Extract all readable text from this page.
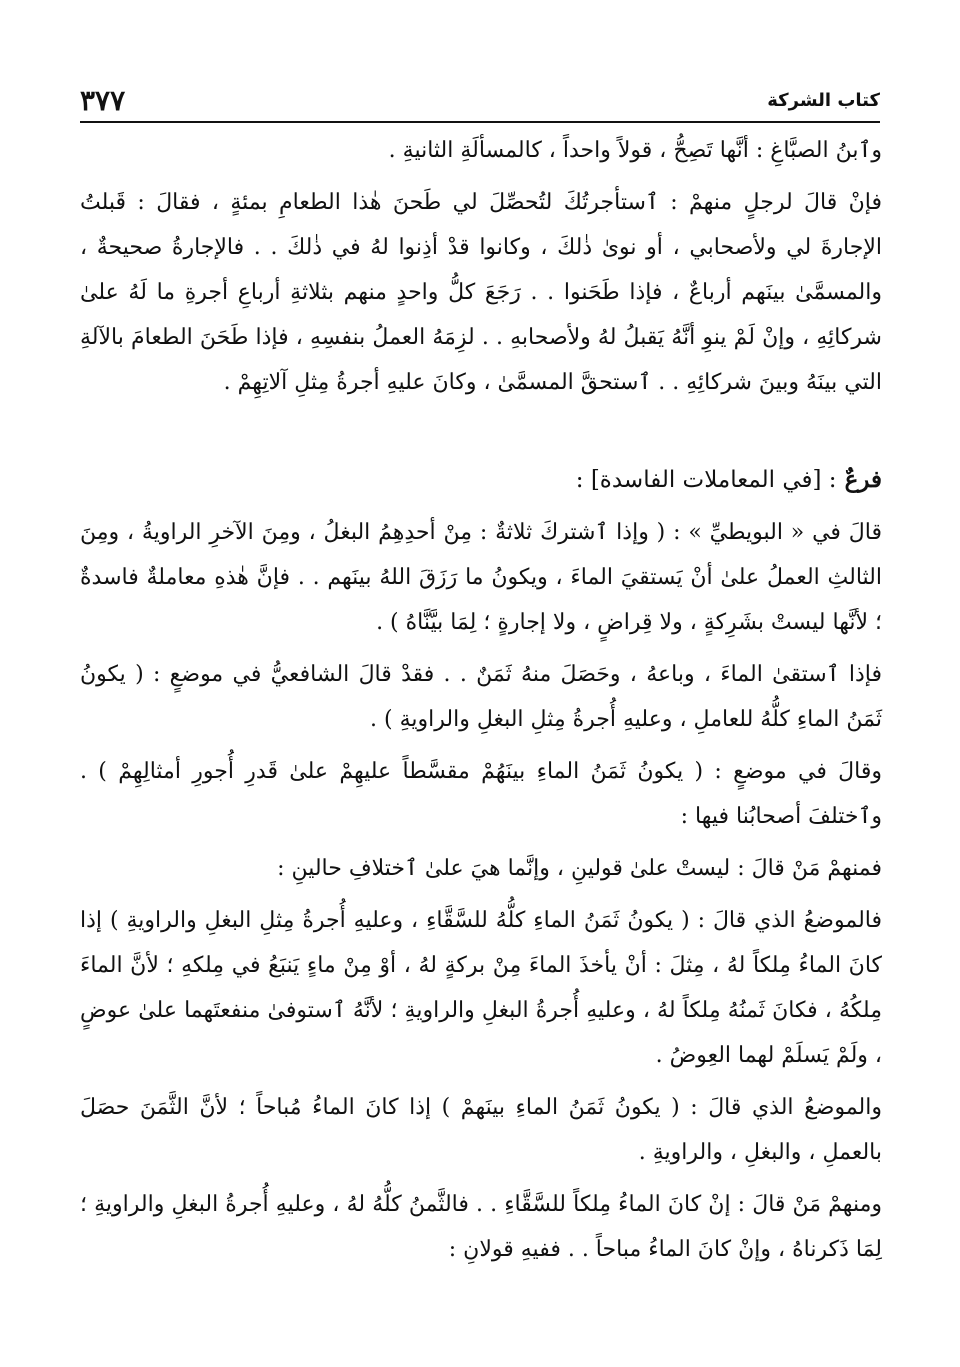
٣٧٧	كتاب الشركة

وٱبنُ الصبَّاغِ : أنَّها تَصِحُّ ، قولاً واحداً ، كالمسألَةِ الثانيةِ .

فإنْ قالَ لرجلٍ منهمْ : ٱستأجرتُكَ لتُحصِّلَ لي طَحنَ هٰذا الطعامِ بمئةٍ ، فقالَ : قَبلتُ الإجارةَ لي ولأصحابي ، أو نوىٰ ذٰلكَ ، وكانوا قدْ أذِنوا لهُ في ذٰلكَ . . فالإجارةُ صحيحةٌ ، والمسمَّىٰ بينَهم أرباعٌ ، فإذا طَحَنوا . . رَجَعَ كلُّ واحدٍ منهم بثلاثةِ أرباعِ أجرةِ ما لَهُ علىٰ شركائِهِ ، وإنْ لَمْ ينوِ أنَّهُ يَقبلُ لهُ ولأصحابهِ . . لزِمَهُ العملُ بنفسِهِ ، فإذا طَحَنَ الطعامَ بالآلةِ التي بينَهُ وبينَ شركائِهِ . . ٱستحقَّ المسمَّىٰ ، وكانَ عليهِ أجرةُ مِثلِ آلاتِهِمْ .

فرعٌ : [في المعاملات الفاسدة] :

قالَ في « البويطيِّ » : ( وإذا ٱشتركَ ثلاثةٌ : مِنْ أحدِهِمُ البغلُ ، ومِنَ الآخرِ الراويةُ ، ومِنَ الثالثِ العملُ علىٰ أنْ يَستقيَ الماءَ ، ويكونُ ما رَزَقَ اللهُ بينَهم . . فإنَّ هٰذهِ معاملةٌ فاسدةٌ ؛ لأنَّها ليستْ بشَرِكةٍ ، ولا قِراضٍ ، ولا إجارةٍ ؛ لِمَا بيَّنَّاهُ ) .

فإذا ٱستقىٰ الماءَ ، وباعهُ ، وحَصَلَ منهُ ثَمَنٌ . . فقدْ قالَ الشافعيُّ في موضعٍ : ( يكونُ ثَمَنُ الماءِ كلُّهُ للعاملِ ، وعليهِ أُجرةُ مِثلِ البغلِ والراويةِ ) .

وقالَ في موضعٍ : ( يكونُ ثَمَنُ الماءِ بينَهُمْ مقسَّطاً عليهِمْ علىٰ قَدرِ أُجورِ أمثالِهِمْ ) . وٱختلفَ أصحابُنا فيها :

فمنهمْ مَنْ قالَ : ليستْ علىٰ قولينِ ، وإنَّما هيَ علىٰ ٱختلافِ حالينِ :

فالموضعُ الذي قالَ : ( يكونُ ثَمَنُ الماءِ كلُّهُ للسَّقَّاءِ ، وعليهِ أُجرةُ مِثلِ البغلِ والراويةِ ) إذا كانَ الماءُ مِلكاً لهُ ، مِثلَ : أنْ يأخذَ الماءَ مِنْ بركةٍ لهُ ، أوْ مِنْ ماءٍ يَنبَعُ في مِلكهِ ؛ لأنَّ الماءَ مِلكُهُ ، فكانَ ثَمنُهُ مِلكاً لهُ ، وعليهِ أُجرةُ البغلِ والراويةِ ؛ لأنَّهُ ٱستوفىٰ منفعتَهما علىٰ عوضٍ ، ولَمْ يَسلَمْ لهما العِوضُ .

والموضعُ الذي قالَ : ( يكونُ ثَمَنُ الماءِ بينَهمْ ) إذا كانَ الماءُ مُباحاً ؛ لأنَّ الثَّمَنَ حصَلَ بالعملِ ، والبغلِ ، والراويةِ .

ومنهمْ مَنْ قالَ : إنْ كانَ الماءُ مِلكاً للسَّقَّاءِ . . فالثَّمنُ كلُّهُ لهُ ، وعليهِ أُجرةُ البغلِ والراويةِ ؛ لِمَا ذَكرناهُ ، وإنْ كانَ الماءُ مباحاً . . ففيهِ قولانِ :
